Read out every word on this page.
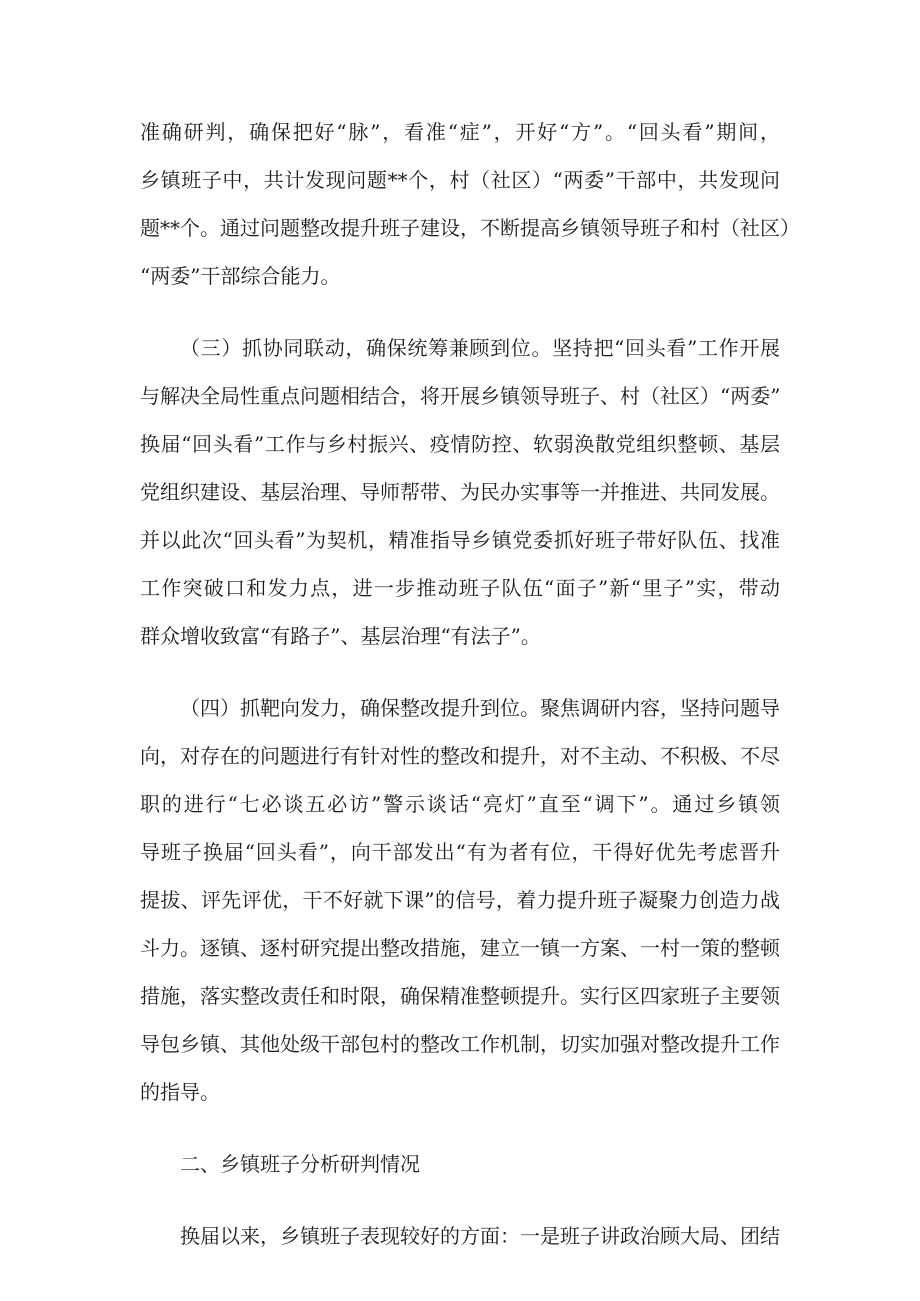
准确研判，确保把好“脉”，看准“症”，开好“方”。“回头看”期间，
乡镇班子中，共计发现问题**个，村（社区）“两委”干部中，共发现问
题**个。通过问题整改提升班子建设，不断提高乡镇领导班子和村（社区）
“两委”干部综合能力。
（三）抓协同联动，确保统筹兼顾到位。坚持把“回头看”工作开展
与解决全局性重点问题相结合，将开展乡镇领导班子、村（社区）“两委”
换届“回头看”工作与乡村振兴、疫情防控、软弱涣散党组织整顿、基层
党组织建设、基层治理、导师帮带、为民办实事等一并推进、共同发展。
并以此次“回头看”为契机，精准指导乡镇党委抓好班子带好队伍、找准
工作突破口和发力点，进一步推动班子队伍“面子”新“里子”实，带动
群众增收致富“有路子”、基层治理“有法子”。
（四）抓靶向发力，确保整改提升到位。聚焦调研内容，坚持问题导
向，对存在的问题进行有针对性的整改和提升，对不主动、不积极、不尽
职的进行“七必谈五必访”警示谈话“亮灯”直至“调下”。通过乡镇领
导班子换届“回头看”，向干部发出“有为者有位，干得好优先考虑晋升
提拔、评先评优，干不好就下课”的信号，着力提升班子凝聚力创造力战
斗力。逐镇、逐村研究提出整改措施，建立一镇一方案、一村一策的整顿
措施，落实整改责任和时限，确保精准整顿提升。实行区四家班子主要领
导包乡镇、其他处级干部包村的整改工作机制，切实加强对整改提升工作
的指导。
二、乡镇班子分析研判情况
换届以来，乡镇班子表现较好的方面：一是班子讲政治顾大局、团结
